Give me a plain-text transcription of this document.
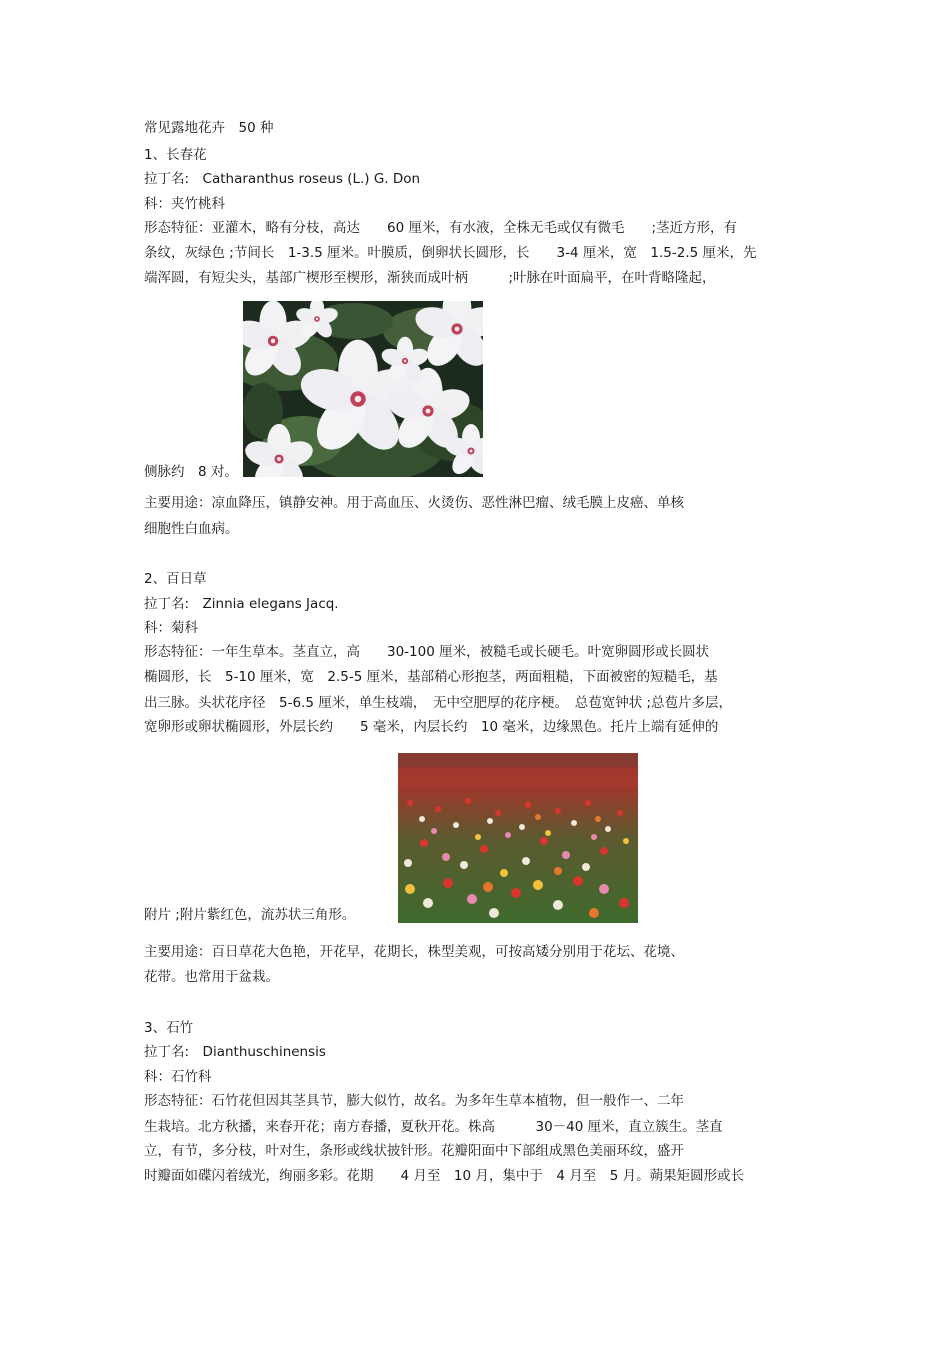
常见露地花卉　50 种

1、长春花

拉丁名:　Catharanthus roseus (L.) G. Don

科：夹竹桃科

形态特征：亚灌木，略有分枝，高达　　60 厘米，有水液，全株无毛或仅有微毛　　;茎近方形，有

条纹，灰绿色 ;节间长　1-3.5 厘米。叶膜质，倒卵状长圆形，长　　3-4 厘米，宽　1.5-2.5 厘米，先

端浑圆，有短尖头，基部广楔形至楔形，渐狭而成叶柄　　　;叶脉在叶面扁平，在叶背略隆起，

侧脉约　8 对。

主要用途：凉血降压，镇静安神。用于高血压、火烫伤、恶性淋巴瘤、绒毛膜上皮癌、单核

细胞性白血病。

2、百日草

拉丁名:　Zinnia elegans Jacq.

科：菊科

形态特征：一年生草本。茎直立，高　　30-100 厘米，被糙毛或长硬毛。叶宽卵圆形或长圆状

椭圆形，长　5-10 厘米，宽　2.5-5 厘米，基部稍心形抱茎，两面粗糙，下面被密的短糙毛，基

出三脉。头状花序径　5-6.5 厘米，单生枝端，　无中空肥厚的花序梗。　总苞宽钟状 ;总苞片多层，

宽卵形或卵状椭圆形，外层长约　　5 毫米，内层长约　10 毫米，边缘黑色。托片上端有延伸的

附片 ;附片紫红色，流苏状三角形。

主要用途：百日草花大色艳，开花早，花期长，株型美观，可按高矮分别用于花坛、花境、

花带。也常用于盆栽。

3、石竹

拉丁名:　Dianthuschinensis

科：石竹科

形态特征：石竹花但因其茎具节，膨大似竹，故名。为多年生草本植物，但一般作一、二年

生栽培。北方秋播，来春开花；南方春播，夏秋开花。株高　　　30－40 厘米，直立簇生。茎直

立，有节，多分枝，叶对生，条形或线状披针形。花瓣阳面中下部组成黑色美丽环纹，盛开

时瓣面如碟闪着绒光，绚丽多彩。花期　　4 月至　10 月，集中于　4 月至　5 月。蒴果矩圆形或长
